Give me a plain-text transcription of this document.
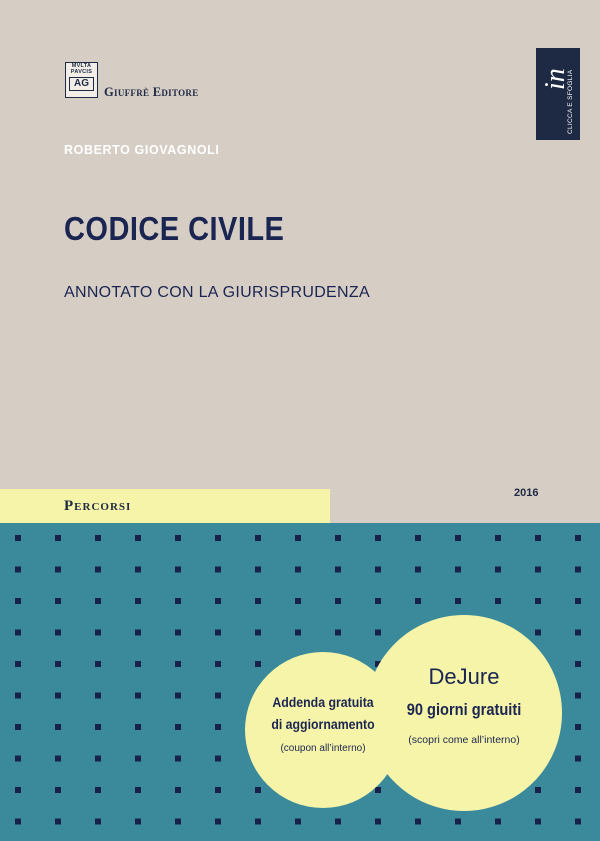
MVLTA
PAVCIS
AG
Giuffrè Editore
in
CLICCA E SFOGLIA
ROBERTO GIOVAGNOLI
CODICE CIVILE
ANNOTATO CON LA GIURISPRUDENZA
Percorsi
2016
Addenda gratuita
di aggiornamento
(coupon all’interno)
DeJure
90 giorni gratuiti
(scopri come all’interno)
